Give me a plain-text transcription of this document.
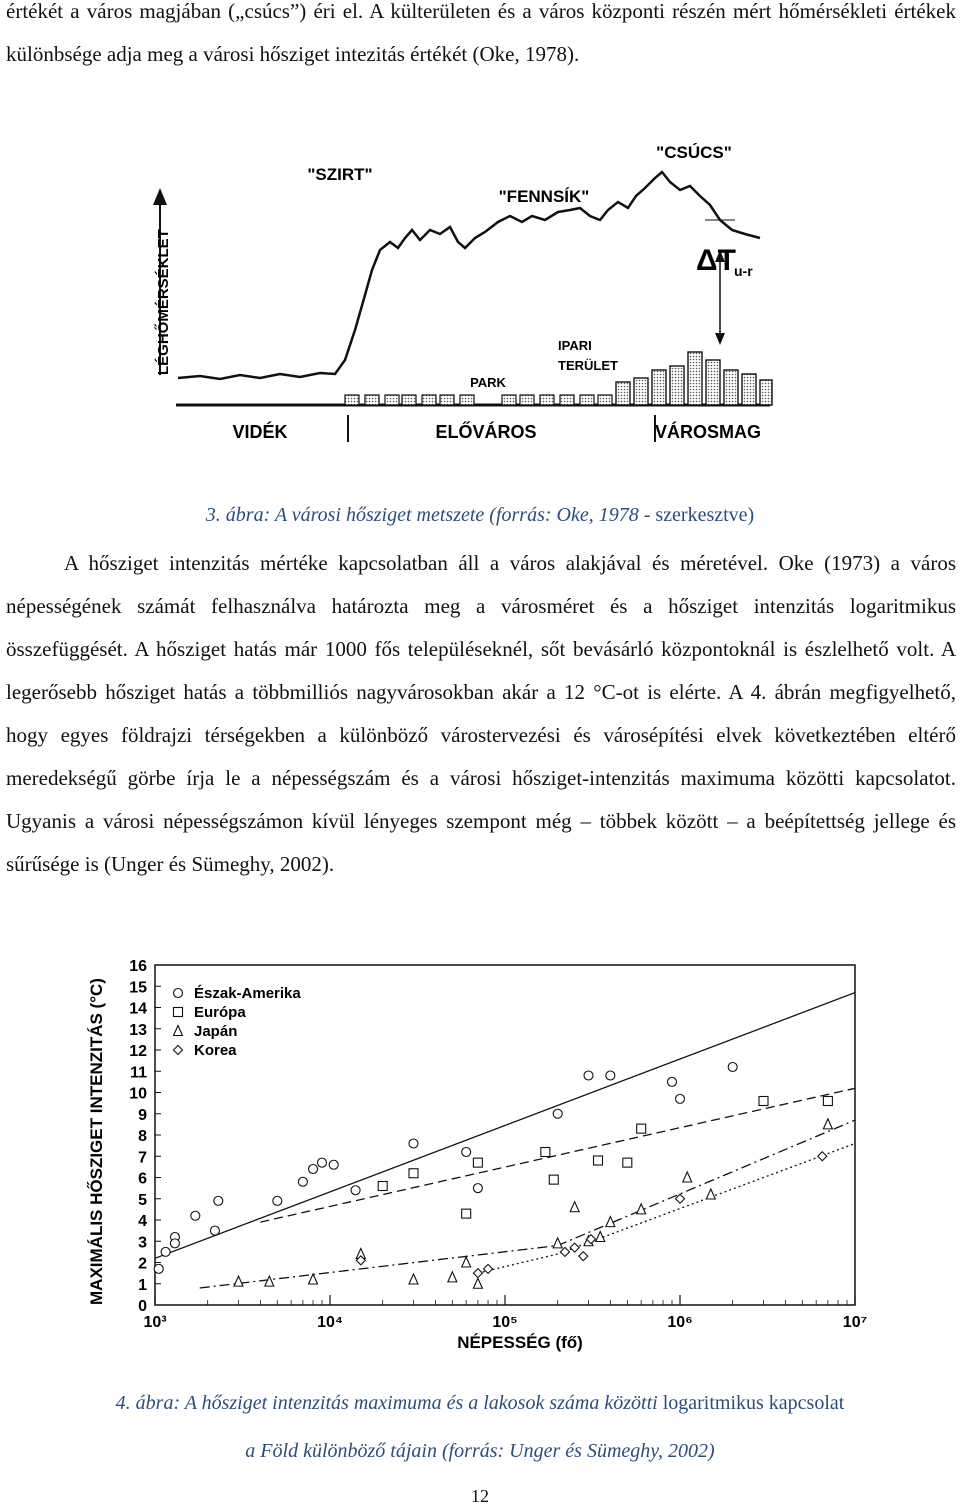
értékét a város magjában („csúcs”) éri el. A külterületen és a város központi részén mért hőmérsékleti értékek különbsége adja meg a városi hősziget intezitás értékét (Oke, 1978).
"SZIRT"
"FENNSÍK"
"CSÚCS"
ΔT
u-r
IPARI
TERÜLET
PARK
LÉGHŐMÉRSÉKLET
VIDÉK	ELŐVÁROS	VÁROSMAG
3. ábra: A városi hősziget metszete (forrás: Oke, 1978 - szerkesztve)
A hősziget intenzitás mértéke kapcsolatban áll a város alakjával és méretével. Oke (1973) a város népességének számát felhasználva határozta meg a városméret és a hősziget intenzitás logaritmikus összefüggését. A hősziget hatás már 1000 fős településeknél, sőt bevásárló központoknál is észlelhető volt. A legerősebb hősziget hatás a többmilliós nagyvárosokban akár a 12 °C-ot is elérte. A 4. ábrán megfigyelhető, hogy egyes földrajzi térségekben a különböző várostervezési és városépítési elvek következtében eltérő meredekségű görbe írja le a népességszám és a városi hősziget-intenzitás maximuma közötti kapcsolatot. Ugyanis a városi népességszámon kívül lényeges szempont még – többek között – a beépítettség jellege és sűrűsége is (Unger és Sümeghy, 2002).
0
1
2
3
4
5
6
7
8
9
10
11
12
13
14
15
16
10³	10⁴	10⁵	10⁶	10⁷
Észak-Amerika
Európa
Japán
Korea
MAXIMÁLIS HŐSZIGET INTENZITÁS (°C)
NÉPESSÉG (fő)
4. ábra: A hősziget intenzitás maximuma és a lakosok száma közötti logaritmikus kapcsolat
a Föld különböző tájain (forrás: Unger és Sümeghy, 2002)
12
